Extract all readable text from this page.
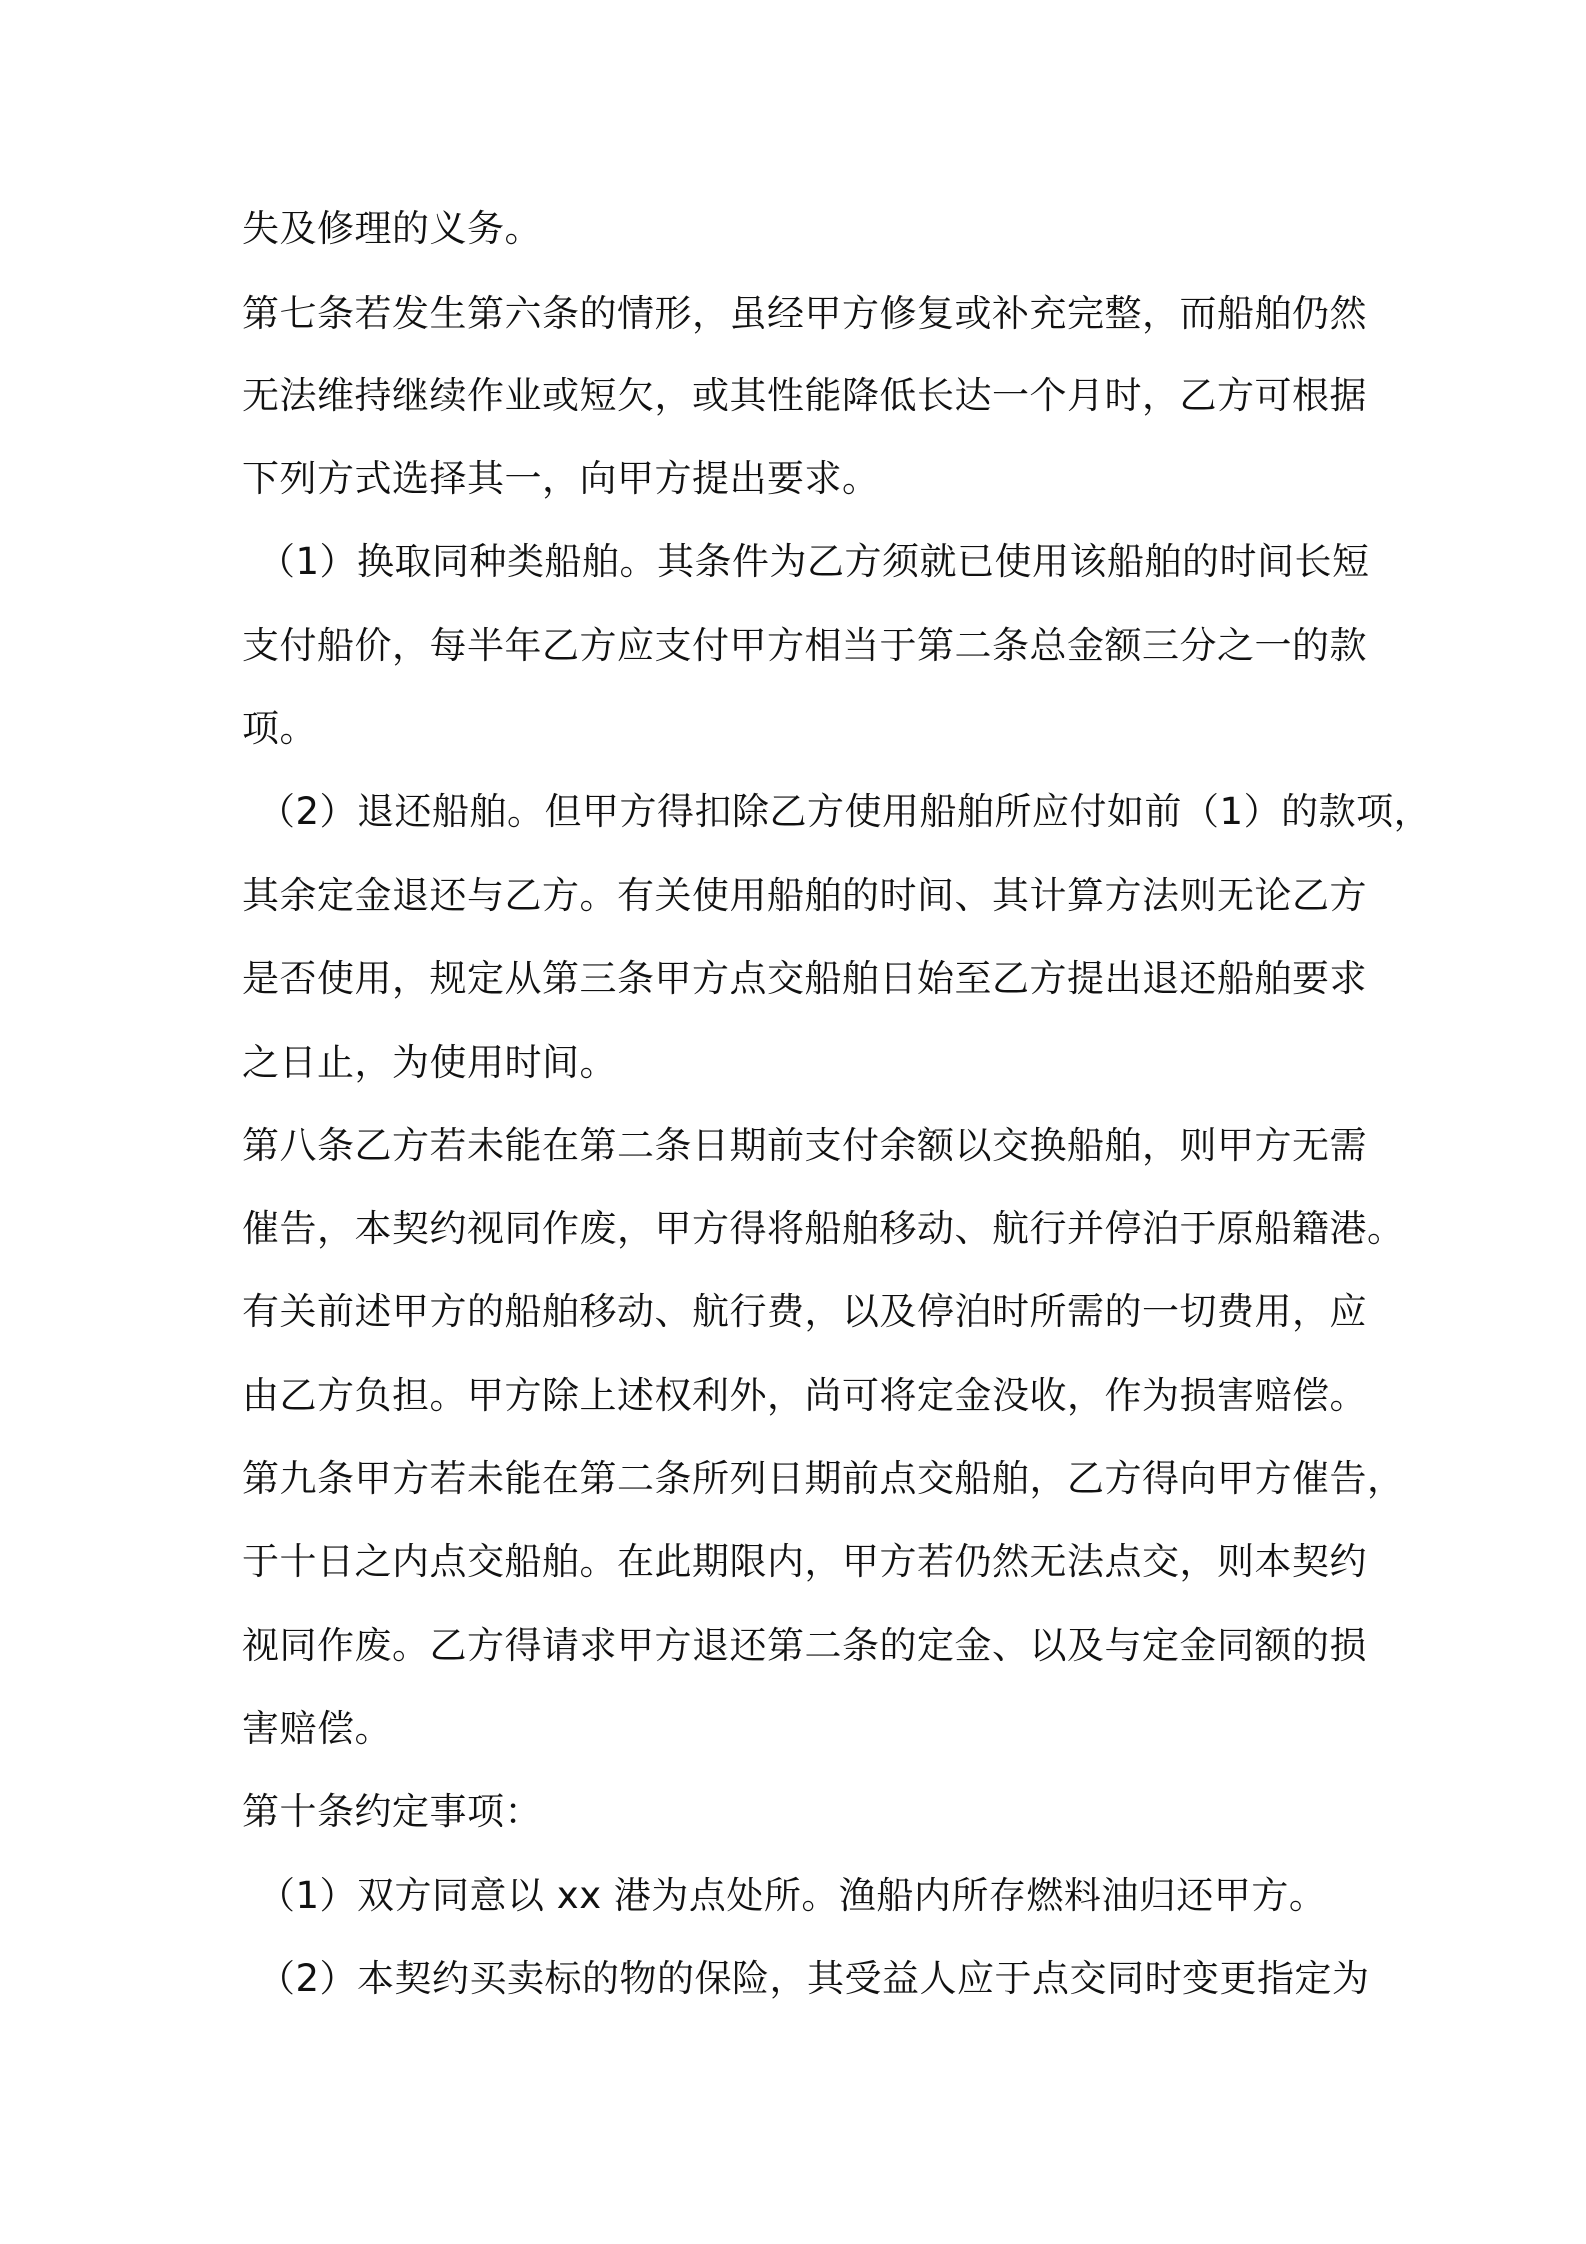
失及修理的义务。
第七条若发生第六条的情形，虽经甲方修复或补充完整，而船舶仍然
无法维持继续作业或短欠，或其性能降低长达一个月时，乙方可根据
下列方式选择其一，向甲方提出要求。
（1）换取同种类船舶。其条件为乙方须就已使用该船舶的时间长短
支付船价，每半年乙方应支付甲方相当于第二条总金额三分之一的款
项。
（2）退还船舶。但甲方得扣除乙方使用船舶所应付如前（1）的款项，
其余定金退还与乙方。有关使用船舶的时间、其计算方法则无论乙方
是否使用，规定从第三条甲方点交船舶日始至乙方提出退还船舶要求
之日止，为使用时间。
第八条乙方若未能在第二条日期前支付余额以交换船舶，则甲方无需
催告，本契约视同作废，甲方得将船舶移动、航行并停泊于原船籍港。
有关前述甲方的船舶移动、航行费，以及停泊时所需的一切费用，应
由乙方负担。甲方除上述权利外，尚可将定金没收，作为损害赔偿。
第九条甲方若未能在第二条所列日期前点交船舶，乙方得向甲方催告，
于十日之内点交船舶。在此期限内，甲方若仍然无法点交，则本契约
视同作废。乙方得请求甲方退还第二条的定金、以及与定金同额的损
害赔偿。
第十条约定事项：
（1）双方同意以 xx 港为点处所。渔船内所存燃料油归还甲方。
（2）本契约买卖标的物的保险，其受益人应于点交同时变更指定为
